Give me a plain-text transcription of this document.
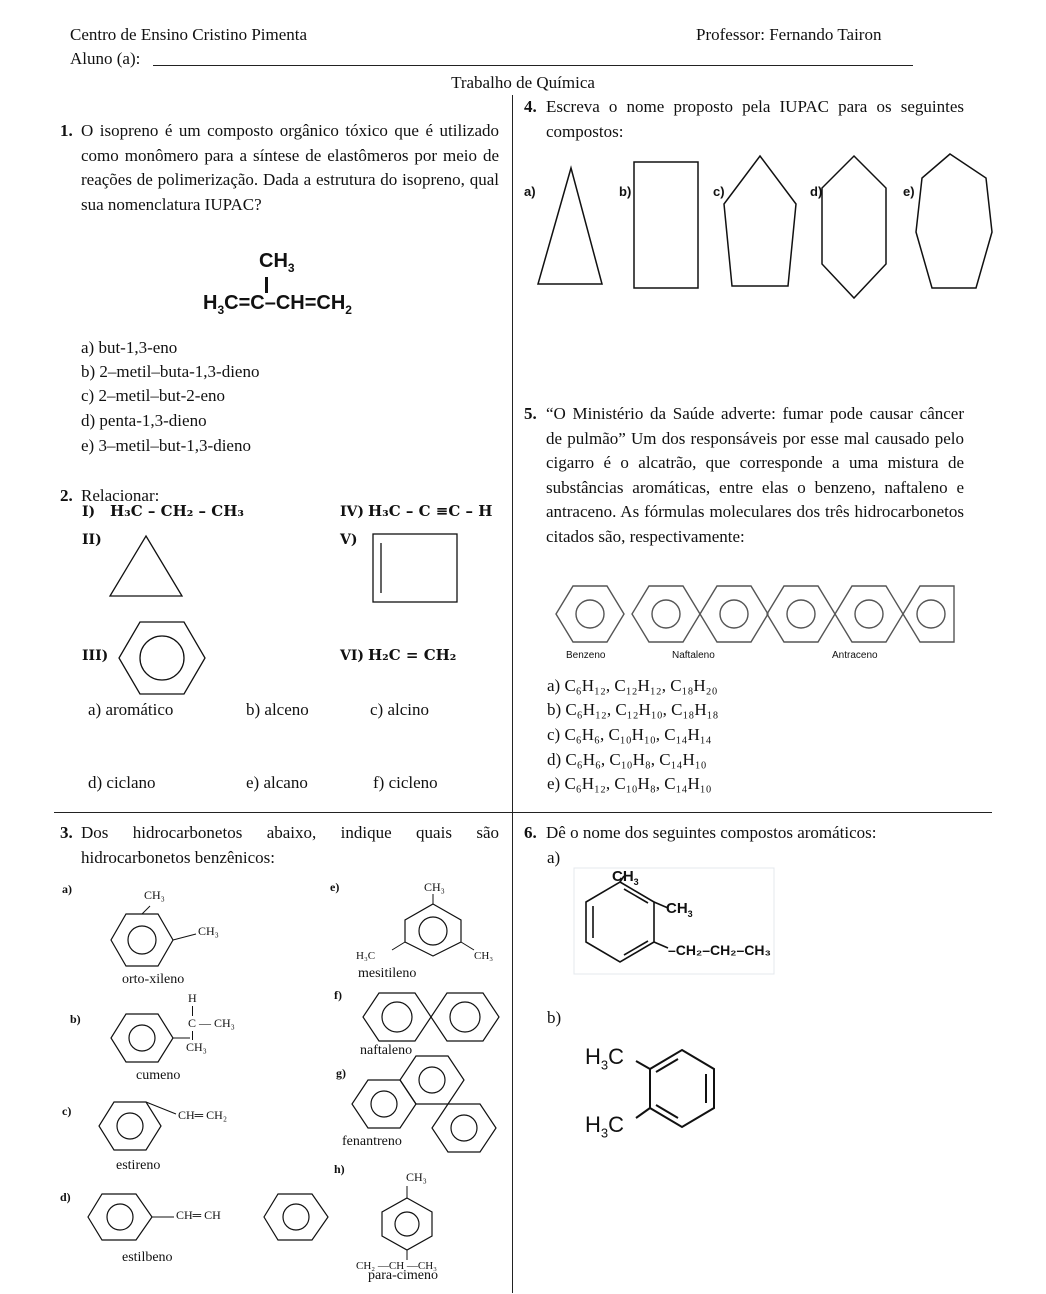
Centro de Ensino Cristino Pimenta	Professor: Fernando Tairon
Aluno (a):
Trabalho de Química
1. O isopreno é um composto orgânico tóxico que é utilizado como monômero para a síntese de elastômeros por meio de reações de polimerização. Dada a estrutura do isopreno, qual sua nomenclatura IUPAC?
$CH_3$
$H_3C=C-CH=CH_2$
a) but-1,3-eno
b) 2–metil–buta-1,3-dieno
c) 2–metil–but-2-eno
d) penta-1,3-dieno
e) 3–metil–but-1,3-dieno
2. Relacionar:
I) H₃C – CH₂ – CH₃
II)
III)
IV) H₃C – C ≡C – H
V)
VI) H₂C = CH₂
a) aromático	b) alceno	c) alcino
d) ciclano	e) alcano	f) cicleno
3. Dos hidrocarbonetos abaixo, indique quais são hidrocarbonetos benzênicos:
a)	CH₃
CH₃
orto-xileno
b)
H
C — CH₃
CH₃
cumeno
c)	CH═ CH₂
estireno
d)
CH═ CH
estilbeno
e)	CH₃
H₃C	CH₃
mesitileno
f)
naftaleno
g)
fenantreno
h)
CH₃
CH₂ —CH —CH₃
para-cimeno
4. Escreva o nome proposto pela IUPAC para os seguintes compostos:
a)	b)	c)	d)	e)
5. “O Ministério da Saúde adverte: fumar pode causar câncer de pulmão” Um dos responsáveis por esse mal causado pelo cigarro é o alcatrão, que corresponde a uma mistura de substâncias aromáticas, entre elas o benzeno, naftaleno e antraceno. As fórmulas moleculares dos três hidrocarbonetos citados são, respectivamente:
Benzeno	Naftaleno	Antraceno
a) C₆H₁₂, C₁₂H₁₂, C₁₈H₂₀
b) C₆H₁₂, C₁₂H₁₀, C₁₈H₁₈
c) C₆H₆, C₁₀H₁₀, C₁₄H₁₄
d) C₆H₆, C₁₀H₈, C₁₄H₁₀
e) C₆H₁₂, C₁₀H₈, C₁₄H₁₀
6. Dê o nome dos seguintes compostos aromáticos:
a)
$CH_3$
$CH_3$
–CH₂–CH₂–CH₃
b)
$H_3C$
$H_3C$
